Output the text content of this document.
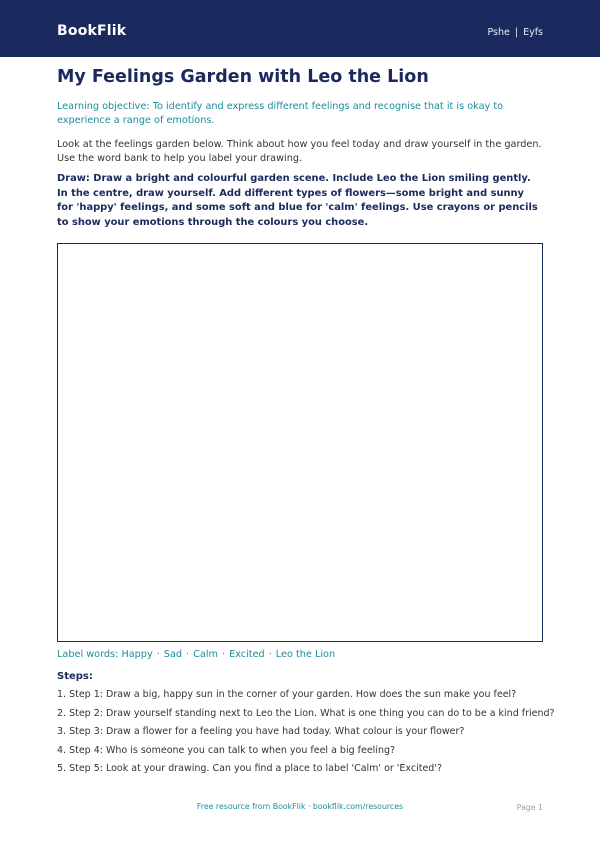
BookFlik	Pshe | Eyfs
My Feelings Garden with Leo the Lion
Learning objective: To identify and express different feelings and recognise that it is okay to experience a range of emotions.
Look at the feelings garden below. Think about how you feel today and draw yourself in the garden. Use the word bank to help you label your drawing.
Draw: Draw a bright and colourful garden scene. Include Leo the Lion smiling gently. In the centre, draw yourself. Add different types of flowers—some bright and sunny for 'happy' feelings, and some soft and blue for 'calm' feelings. Use crayons or pencils to show your emotions through the colours you choose.
Label words: Happy · Sad · Calm · Excited · Leo the Lion
Steps:
1. Step 1: Draw a big, happy sun in the corner of your garden. How does the sun make you feel?
2. Step 2: Draw yourself standing next to Leo the Lion. What is one thing you can do to be a kind friend?
3. Step 3: Draw a flower for a feeling you have had today. What colour is your flower?
4. Step 4: Who is someone you can talk to when you feel a big feeling?
5. Step 5: Look at your drawing. Can you find a place to label 'Calm' or 'Excited'?
Free resource from BookFlik · bookflik.com/resources	Page 1
